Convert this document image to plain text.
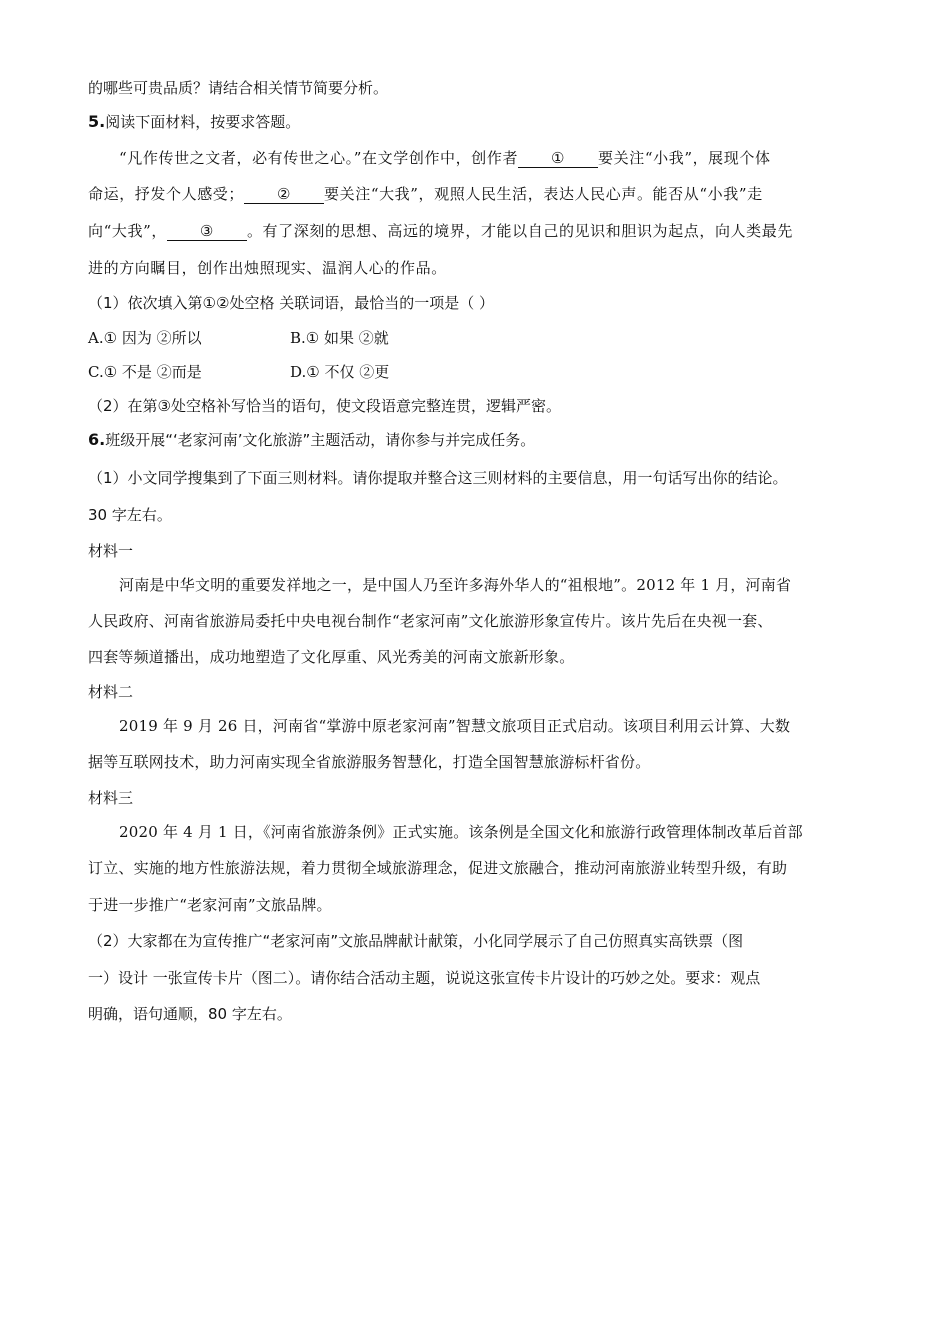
的哪些可贵品质？请结合相关情节简要分析。
5.阅读下面材料，按要求答题。
“凡作传世之文者，必有传世之心。”在文学创作中，创作者 ① 要关注“小我”，展现个体
命运，抒发个人感受； ② 要关注“大我”，观照人民生活，表达人民心声。能否从“小我”走
向“大我”， ③ 。有了深刻的思想、高远的境界，才能以自己的见识和胆识为起点，向人类最先
进的方向瞩目，创作出烛照现实、温润人心的作品。
（1）依次填入第①②处空格 关联词语，最恰当的一项是（ ）
A.① 因为 ②所以	B.① 如果 ②就
C.① 不是 ②而是	D.① 不仅 ②更
（2）在第③处空格补写恰当的语句，使文段语意完整连贯，逻辑严密。
6.班级开展“‘老家河南’文化旅游”主题活动，请你参与并完成任务。
（1）小文同学搜集到了下面三则材料。请你提取并整合这三则材料的主要信息，用一句话写出你的结论。
30 字左右。
材料一
河南是中华文明的重要发祥地之一，是中国人乃至许多海外华人的“祖根地”。2012 年 1 月，河南省
人民政府、河南省旅游局委托中央电视台制作“老家河南”文化旅游形象宣传片。该片先后在央视一套、
四套等频道播出，成功地塑造了文化厚重、风光秀美的河南文旅新形象。
材料二
2019 年 9 月 26 日，河南省“掌游中原老家河南”智慧文旅项目正式启动。该项目利用云计算、大数
据等互联网技术，助力河南实现全省旅游服务智慧化，打造全国智慧旅游标杆省份。
材料三
2020 年 4 月 1 日，《河南省旅游条例》正式实施。该条例是全国文化和旅游行政管理体制改革后首部
订立、实施的地方性旅游法规，着力贯彻全域旅游理念，促进文旅融合，推动河南旅游业转型升级，有助
于进一步推广“老家河南”文旅品牌。
（2）大家都在为宣传推广“老家河南”文旅品牌献计献策，小化同学展示了自己仿照真实高铁票（图
一）设计 一张宣传卡片（图二）。请你结合活动主题，说说这张宣传卡片设计的巧妙之处。要求：观点
明确，语句通顺，80 字左右。
